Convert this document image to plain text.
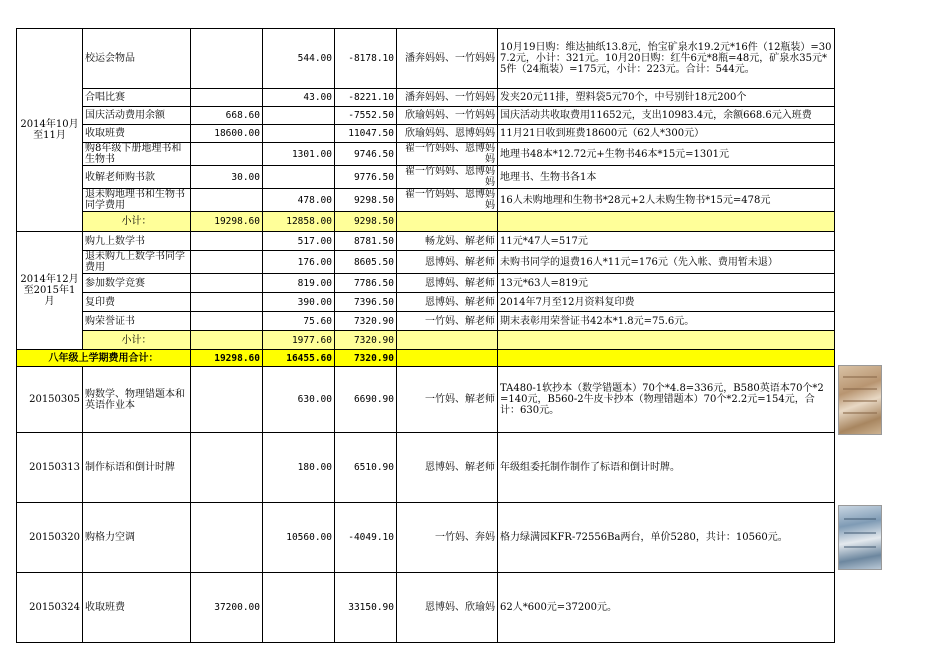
2014年10月至11月	校运会物品		544.00	-8178.10	潘奔妈妈、一竹妈妈	10月19日购：维达抽纸13.8元，怡宝矿泉水19.2元*16件（12瓶装）=307.2元，小计：321元。10月20日购：红牛6元*8瓶=48元，矿泉水35元*5件（24瓶装）=175元，小计：223元。合计：544元。
	合唱比赛		43.00	-8221.10	潘奔妈妈、一竹妈妈	发夹20元11排，塑料袋5元70个，中号别针18元200个
	国庆活动费用余额	668.60		-7552.50	欣瑜妈妈、一竹妈妈	国庆活动共收取费用11652元，支出10983.4元，余额668.6元入班费
	收取班费	18600.00		11047.50	欣瑜妈妈、恩博妈妈	11月21日收到班费18600元（62人*300元）
	购8年级下册地理书和生物书		1301.00	9746.50	翟一竹妈妈、恩博妈妈	地理书48本*12.72元+生物书46本*15元=1301元
	收解老师购书款	30.00		9776.50	翟一竹妈妈、恩博妈妈	地理书、生物书各1本
	退未购地理书和生物书同学费用		478.00	9298.50	翟一竹妈妈、恩博妈妈	16人未购地理和生物书*28元+2人未购生物书*15元=478元
	小计：	19298.60	12858.00	9298.50		
2014年12月至2015年1月	购九上数学书		517.00	8781.50	畅龙妈、解老师	11元*47人=517元
	退未购九上数学书同学费用		176.00	8605.50	恩博妈、解老师	未购书同学的退费16人*11元=176元（先入帐、费用暂未退）
	参加数学竞赛		819.00	7786.50	恩博妈、解老师	13元*63人=819元
	复印费		390.00	7396.50	恩博妈、解老师	2014年7月至12月资料复印费
	购荣誉证书		75.60	7320.90	一竹妈、解老师	期末表彰用荣誉证书42本*1.8元=75.6元。
	小计：		1977.60	7320.90		
八年级上学期费用合计：		19298.60	16455.60	7320.90		
20150305	购数学、物理错题本和英语作业本		630.00	6690.90	一竹妈、解老师	TA480-1软抄本（数学错题本）70个*4.8=336元，B580英语本70个*2=140元，B560-2牛皮卡抄本（物理错题本）70个*2.2元=154元，合计：630元。
20150313	制作标语和倒计时牌		180.00	6510.90	恩博妈、解老师	年级组委托制作制作了标语和倒计时牌。
20150320	购格力空调		10560.00	-4049.10	一竹妈、奔妈	格力绿满园KFR-72556Ba两台，单价5280，共计：10560元。
20150324	收取班费	37200.00		33150.90	恩博妈、欣瑜妈	62人*600元=37200元。
